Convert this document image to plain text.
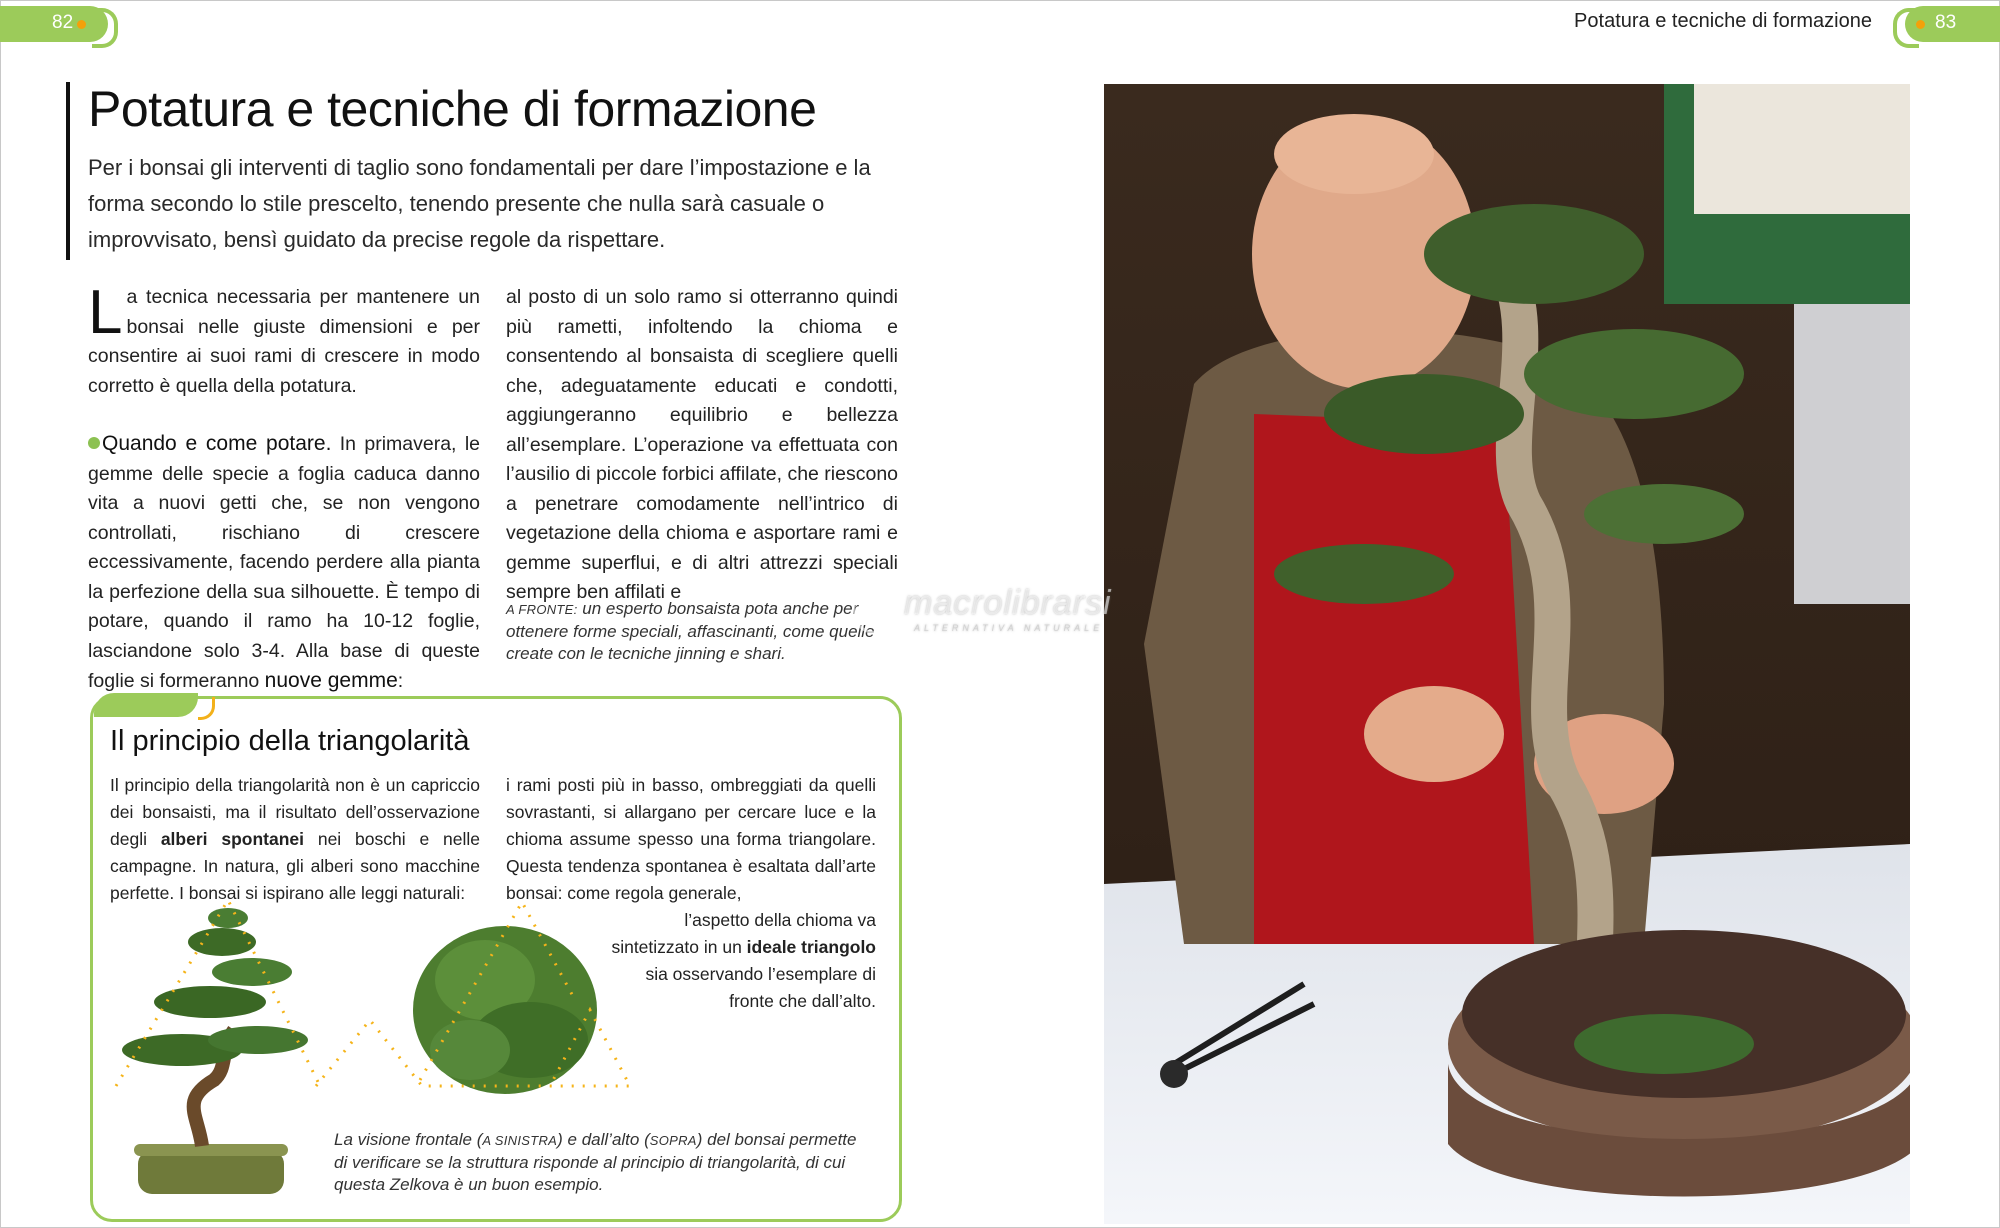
82	Potatura e tecniche di formazione	83
Potatura e tecniche di formazione
Per i bonsai gli interventi di taglio sono fondamentali per dare l’impostazione e la forma secondo lo stile prescelto, tenendo presente che nulla sarà casuale o improvvisato, bensì guidato da precise regole da rispettare.

La tecnica necessaria per mantenere un bonsai nelle giuste dimensioni e per consentire ai suoi rami di crescere in modo corretto è quella della potatura.

Quando e come potare. In primavera, le gemme delle specie a foglia caduca danno vita a nuovi getti che, se non vengono controllati, rischiano di crescere eccessivamente, facendo perdere alla pianta la perfezione della sua silhouette. È tempo di potare, quando il ramo ha 10-12 foglie, lasciandone solo 3-4. Alla base di queste foglie si formeranno nuove gemme:

al posto di un solo ramo si otterranno quindi più rametti, infoltendo la chioma e consentendo al bonsaista di scegliere quelli che, adeguatamente educati e condotti, aggiungeranno equilibrio e bellezza all’esemplare. L’operazione va effettuata con l’ausilio di piccole forbici affilate, che riescono a penetrare comodamente nell’intrico di vegetazione della chioma e asportare rami e gemme superflui, e di altri attrezzi speciali sempre ben affilati e

A FRONTE: un esperto bonsaista pota anche per ottenere forme speciali, affascinanti, come quelle create con le tecniche jinning e shari.
Il principio della triangolarità

Il principio della triangolarità non è un capriccio dei bonsaisti, ma il risultato dell’osservazione degli alberi spontanei nei boschi e nelle campagne. In natura, gli alberi sono macchine perfette. I bonsai si ispirano alle leggi naturali:

i rami posti più in basso, ombreggiati da quelli sovrastanti, si allargano per cercare luce e la chioma assume spesso una forma triangolare. Questa tendenza spontanea è esaltata dall’arte bonsai: come regola generale,

l’aspetto della chioma va sintetizzato in un ideale triangolo sia osservando l’esemplare di fronte che dall’alto.

La visione frontale (A SINISTRA) e dall’alto (SOPRA) del bonsai permette di verificare se la struttura risponde al principio di triangolarità, di cui questa Zelkova è un buon esempio.
macrolibrarsi
ALTERNATIVA NATURALE
